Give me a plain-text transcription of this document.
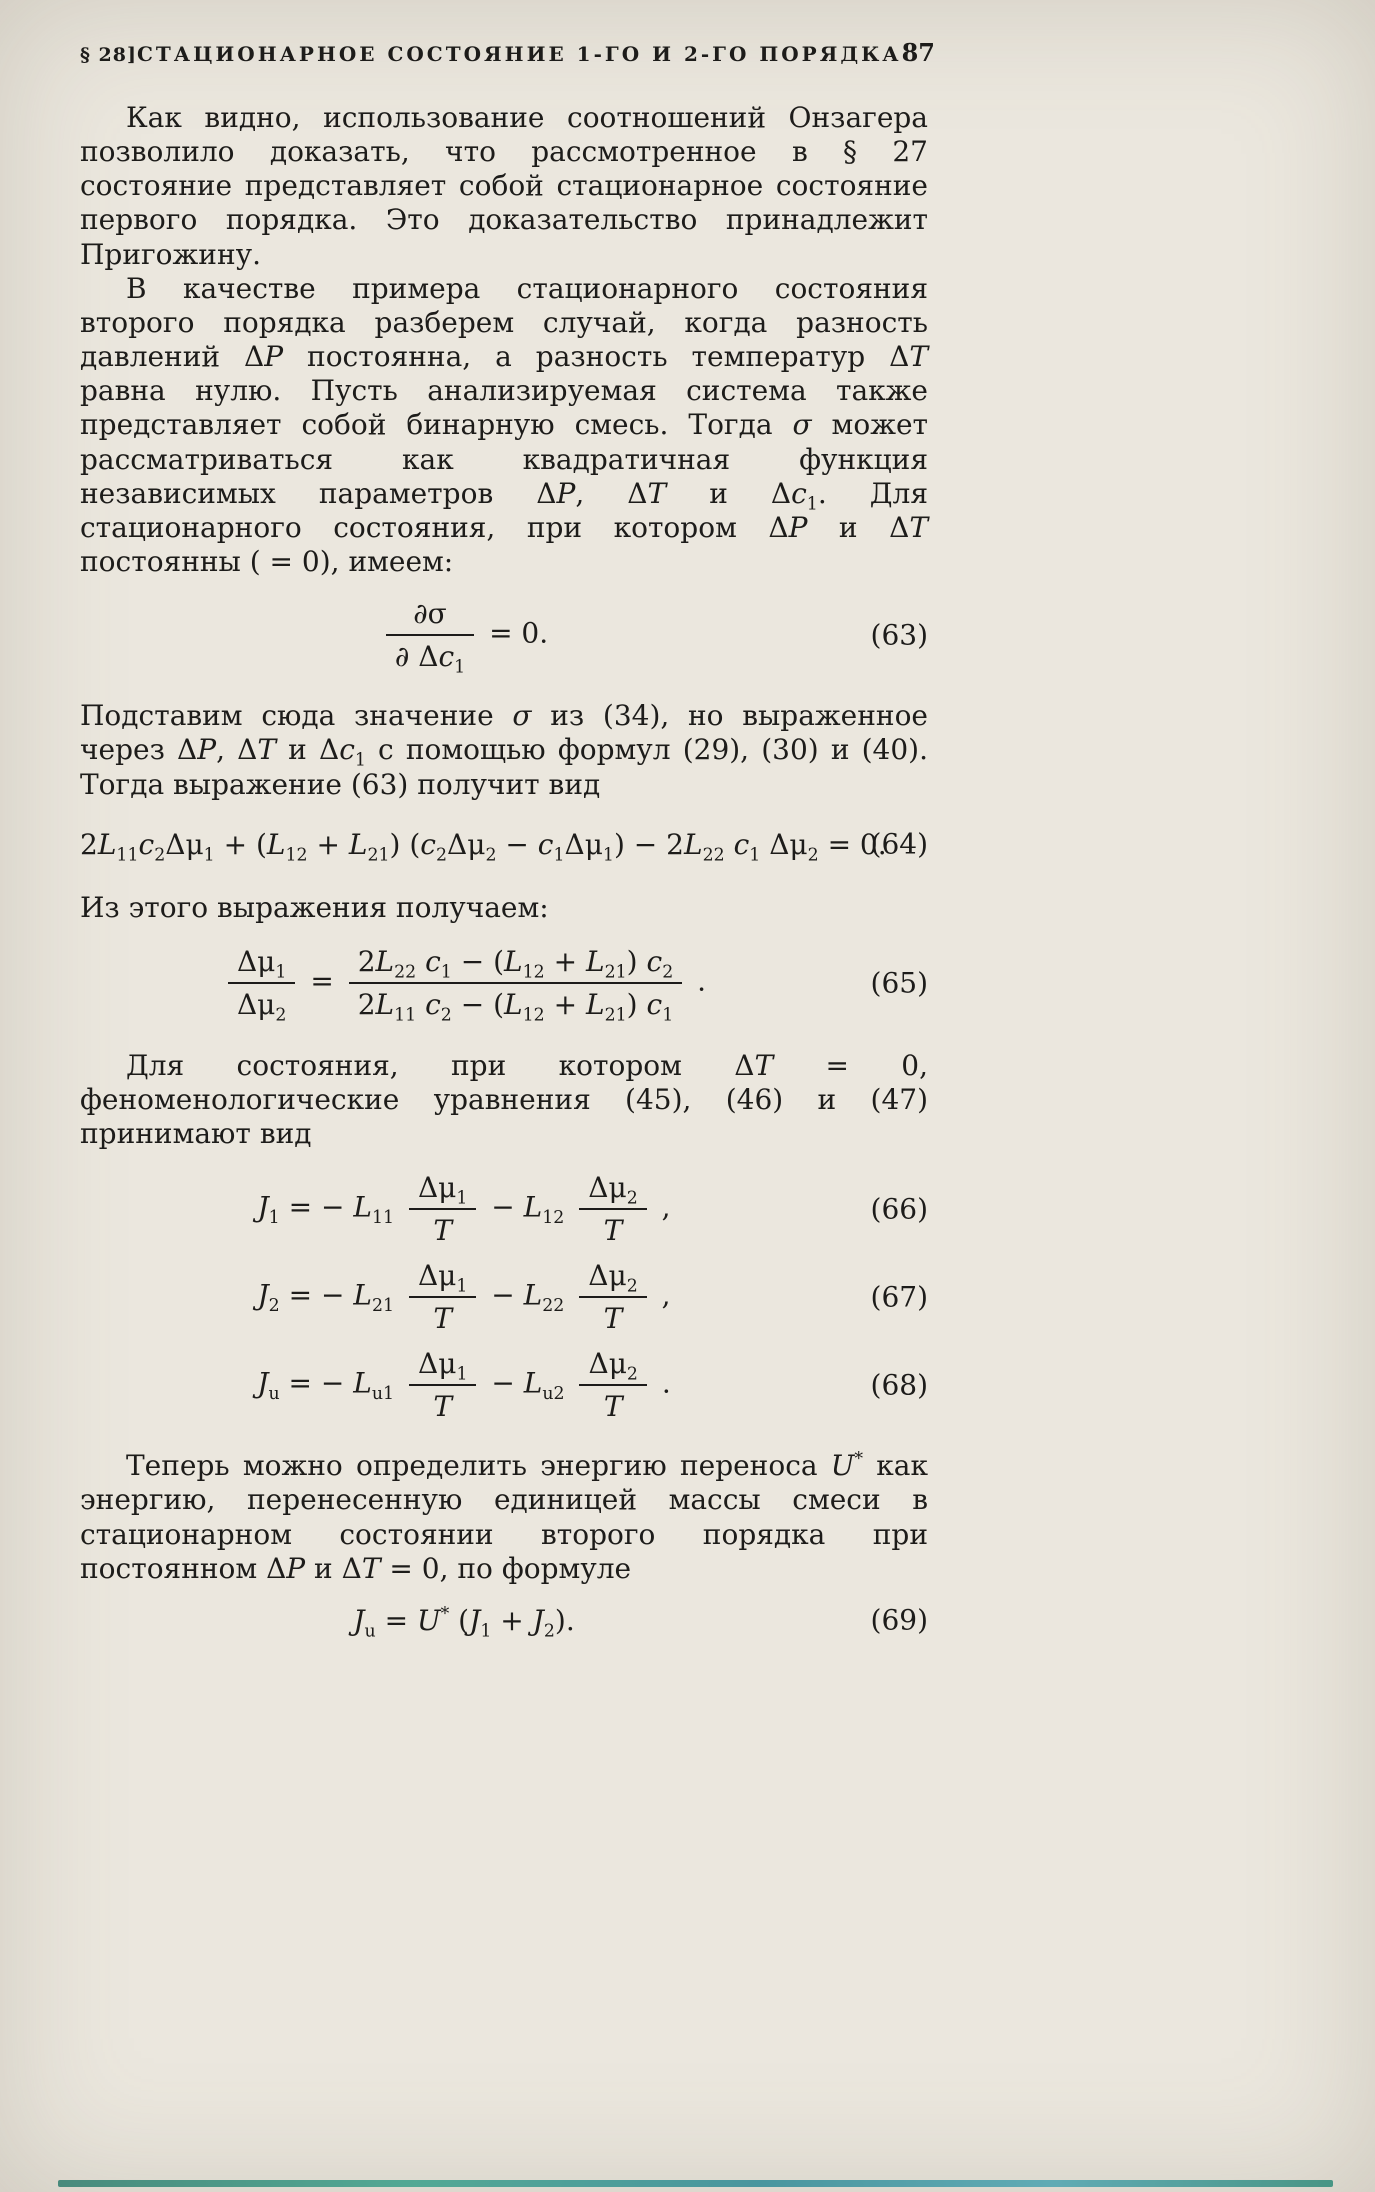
§ 28] СТАЦИОНАРНОЕ СОСТОЯНИЕ 1-ГО И 2-ГО ПОРЯДКА 87

Как видно, использование соотношений Онзагера позволило доказать, что рассмотренное в § 27 состояние представляет собой стационарное состояние первого порядка. Это доказательство принадлежит Пригожину.

В качестве примера стационарного состояния второго порядка разберем случай, когда разность давлений ΔP постоянна, а разность температур ΔT равна нулю. Пусть анализируемая система также представляет собой бинарную смесь. Тогда σ может рассматриваться как квадратичная функция независимых параметров ΔP, ΔT и $\Delta c_1$. Для стационарного состояния, при котором ΔP и ΔT постоянны ( = 0), имеем:

$\frac{\partial\sigma}{\partial \Delta c_1} = 0$.	(63)

Подставим сюда значение σ из (34), но выраженное через ΔP, ΔT и $\Delta c_1$ с помощью формул (29), (30) и (40). Тогда выражение (63) получит вид

$2L_{11}c_2\Delta\mu_1 + (L_{12} + L_{21}) (c_2\Delta\mu_2 - c_1\Delta\mu_1) - 2L_{22}$ $c_1$ $\Delta\mu_2 = 0$.
(64)

Из этого выражения получаем:

$\frac{\Delta\mu_1}{\Delta\mu_2} = \frac{2L_{22} c_1 - (L_{12} + L_{21}) c_2}{2L_{11} c_2 - (L_{12} + L_{21}) c_1}$ .	(65)

Для состояния, при котором ΔT = 0, феноменологические уравнения (45), (46) и (47) принимают вид

$J_1$ = − $L_{11} \frac{\Delta\mu_1}{T} - L_{12} \frac{\Delta\mu_2}{T}$ ,	(66)
$J_2$ = − $L_{21} \frac{\Delta\mu_1}{T} - L_{22} \frac{\Delta\mu_2}{T}$ ,	(67)
$J_u$ = − $L_{u1} \frac{\Delta\mu_1}{T} - L_{u2} \frac{\Delta\mu_2}{T}$ .	(68)

Теперь можно определить энергию переноса U* как энергию, перенесенную единицей массы смеси в стационарном состоянии второго порядка при постоянном ΔP и ΔT = 0, по формуле

$J_u = U^*$ $(J_1 + J_2)$.	(69)
